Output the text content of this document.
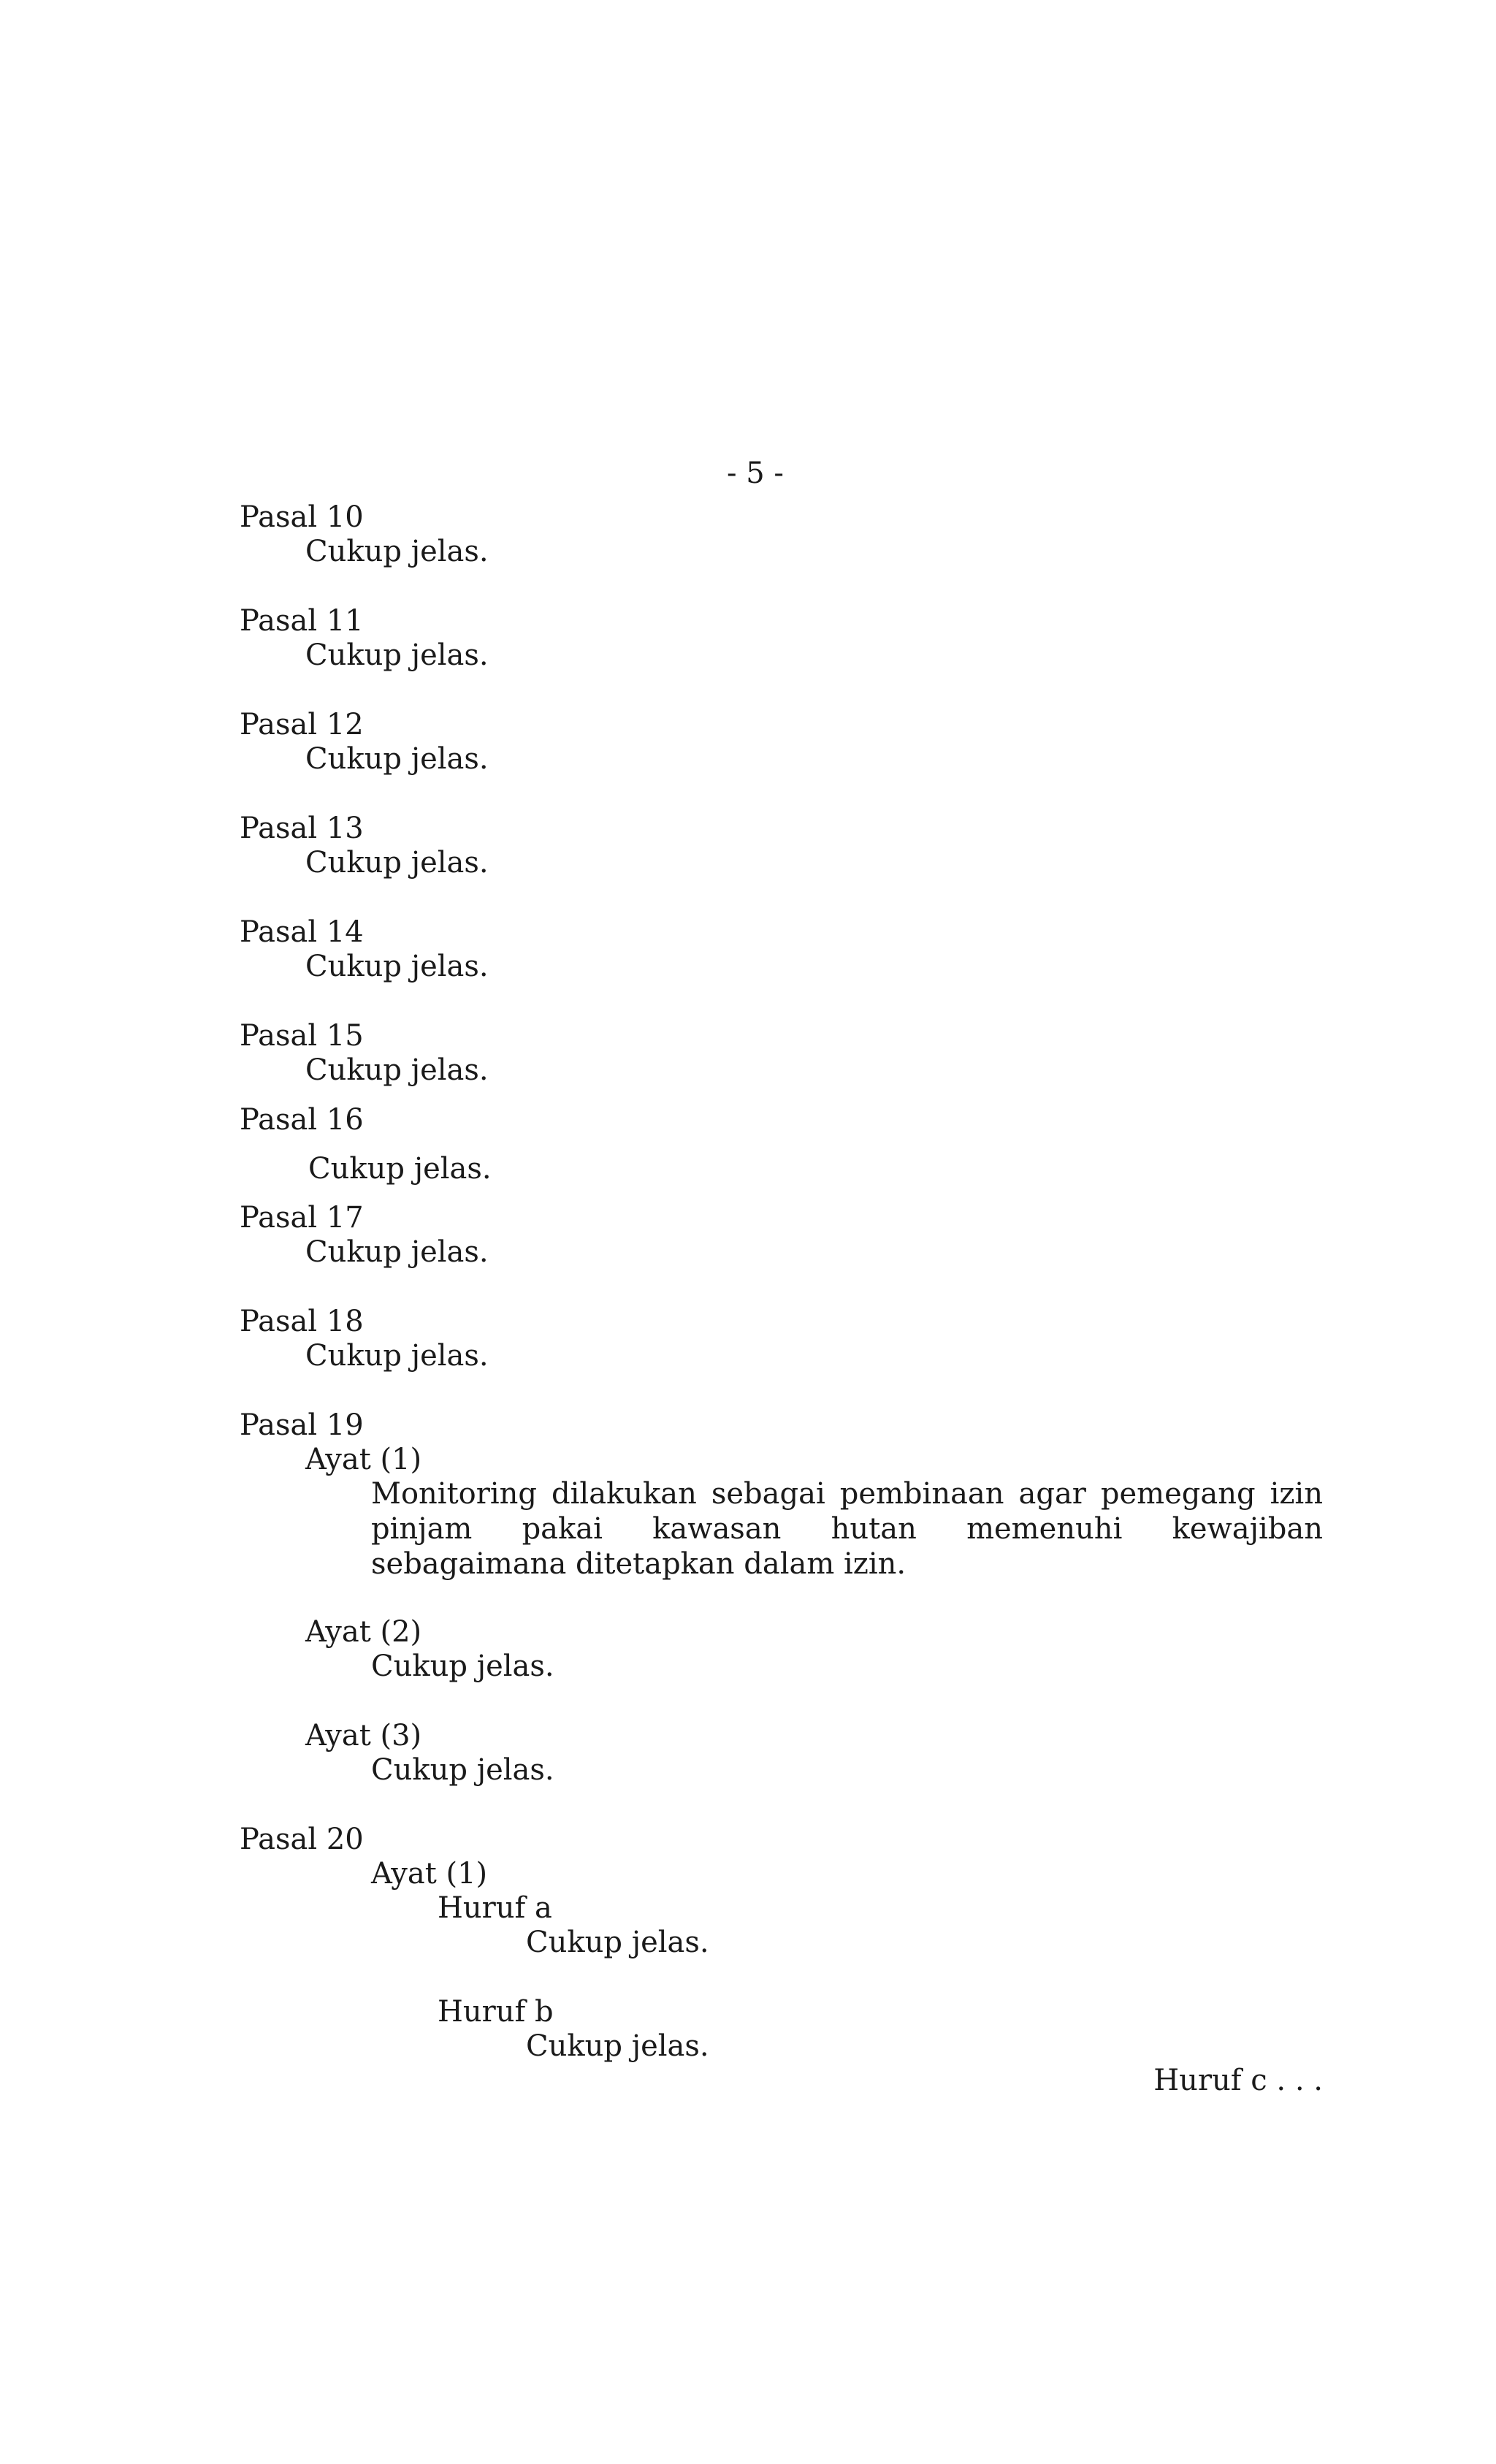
- 5 -
Pasal 10
Cukup jelas.
Pasal 11
Cukup jelas.
Pasal 12
Cukup jelas.
Pasal 13
Cukup jelas.
Pasal 14
Cukup jelas.
Pasal 15
Cukup jelas.
Pasal 16
Cukup jelas.
Pasal 17
Cukup jelas.
Pasal 18
Cukup jelas.
Pasal 19
Ayat (1)

Monitoring dilakukan sebagai pembinaan agar pemegang izin pinjam pakai kawasan hutan memenuhi kewajiban sebagaimana ditetapkan dalam izin.

Ayat (2)
Cukup jelas.
Ayat (3)
Cukup jelas.
Pasal 20
Ayat (1)
Huruf a
Cukup jelas.
Huruf b
Cukup jelas.
Huruf c . . .
